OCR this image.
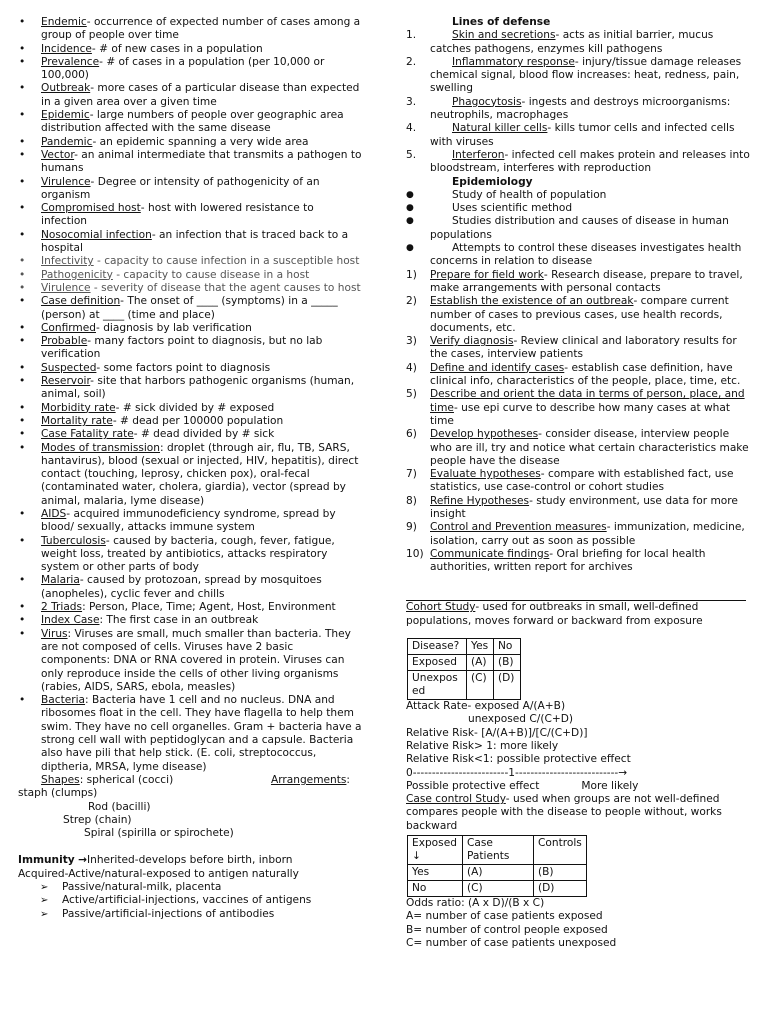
• Endemic- occurrence of expected number of cases among a group of people over time
• Incidence- # of new cases in a population
• Prevalence- # of cases in a population (per 10,000 or 100,000)
• Outbreak- more cases of a particular disease than expected in a given area over a given time
• Epidemic- large numbers of people over geographic area distribution affected with the same disease
• Pandemic- an epidemic spanning a very wide area
• Vector- an animal intermediate that transmits a pathogen to humans
• Virulence- Degree or intensity of pathogenicity of an organism
• Compromised host- host with lowered resistance to infection
• Nosocomial infection- an infection that is traced back to a hospital
• Infectivity - capacity to cause infection in a susceptible host
• Pathogenicity - capacity to cause disease in a host
• Virulence - severity of disease that the agent causes to host
• Case definition- The onset of ____ (symptoms) in a _____ (person) at ____ (time and place)
• Confirmed- diagnosis by lab verification
• Probable- many factors point to diagnosis, but no lab verification
• Suspected- some factors point to diagnosis
• Reservoir- site that harbors pathogenic organisms (human, animal, soil)
• Morbidity rate- # sick divided by # exposed
• Mortality rate- # dead per 100000 population
• Case Fatality rate- # dead divided by # sick
• Modes of transmission: droplet (through air, flu, TB, SARS, hantavirus), blood (sexual or injected, HIV, hepatitis), direct contact (touching, leprosy, chicken pox), oral-fecal (contaminated water, cholera, giardia), vector (spread by animal, malaria, lyme disease)
• AIDS- acquired immunodeficiency syndrome, spread by blood/ sexually, attacks immune system
• Tuberculosis- caused by bacteria, cough, fever, fatigue, weight loss, treated by antibiotics, attacks respiratory system or other parts of body
• Malaria- caused by protozoan, spread by mosquitoes (anopheles), cyclic fever and chills
• 2 Triads: Person, Place, Time; Agent, Host, Environment
• Index Case: The first case in an outbreak
• Virus: Viruses are small, much smaller than bacteria. They are not composed of cells. Viruses have 2 basic components: DNA or RNA covered in protein. Viruses can only reproduce inside the cells of other living organisms (rabies, AIDS, SARS, ebola, measles)
• Bacteria: Bacteria have 1 cell and no nucleus. DNA and ribosomes float in the cell. They have flagella to help them swim. They have no cell organelles. Gram + bacteria have a strong cell wall with peptidoglycan and a capsule. Bacteria also have pili that help stick. (E. coli, streptococcus, diptheria, MRSA, lyme disease)
Shapes: spherical (cocci)	Arrangements:
staph (clumps)
Rod (bacilli)
Strep (chain)
Spiral (spirilla or spirochete)
Immunity →Inherited-develops before birth, inborn
Acquired-Active/natural-exposed to antigen naturally
➢ Passive/natural-milk, placenta
➢ Active/artificial-injections, vaccines of antigens
➢ Passive/artificial-injections of antibodies
Lines of defense
1.	Skin and secretions- acts as initial barrier, mucus catches pathogens, enzymes kill pathogens
2.	Inflammatory response- injury/tissue damage releases chemical signal, blood flow increases: heat, redness, pain, swelling
3.	Phagocytosis- ingests and destroys microorganisms: neutrophils, macrophages
4.	Natural killer cells- kills tumor cells and infected cells with viruses
5.	Interferon- infected cell makes protein and releases into bloodstream, interferes with reproduction
Epidemiology
● Study of health of population
● Uses scientific method
● Studies distribution and causes of disease in human populations
● Attempts to control these diseases investigates health concerns in relation to disease
1) Prepare for field work- Research disease, prepare to travel, make arrangements with personal contacts
2) Establish the existence of an outbreak- compare current number of cases to previous cases, use health records, documents, etc.
3) Verify diagnosis- Review clinical and laboratory results for the cases, interview patients
4) Define and identify cases- establish case definition, have clinical info, characteristics of the people, place, time, etc.
5) Describe and orient the data in terms of person, place, and time- use epi curve to describe how many cases at what time
6) Develop hypotheses- consider disease, interview people who are ill, try and notice what certain characteristics make people have the disease
7) Evaluate hypotheses- compare with established fact, use statistics, use case-control or cohort studies
8) Refine Hypotheses- study environment, use data for more insight
9) Control and Prevention measures- immunization, medicine, isolation, carry out as soon as possible
10) Communicate findings- Oral briefing for local health authorities, written report for archives
Cohort Study- used for outbreaks in small, well-defined populations, moves forward or backward from exposure
Disease?	Yes	No
Exposed	(A)	(B)
Unexposed	(C)	(D)
Attack Rate- exposed A/(A+B)
unexposed C/(C+D)
Relative Risk- [A/(A+B)]/[C/(C+D)]
Relative Risk> 1: more likely
Relative Risk<1: possible protective effect
0-------------------------1---------------------------→
Possible protective effect	More likely
Case control Study- used when groups are not well-defined compares people with the disease to people without, works backward
Exposed ↓	Case Patients	Controls
Yes	(A)	(B)
No	(C)	(D)
Odds ratio: (A x D)/(B x C)
A= number of case patients exposed
B= number of control people exposed
C= number of case patients unexposed
